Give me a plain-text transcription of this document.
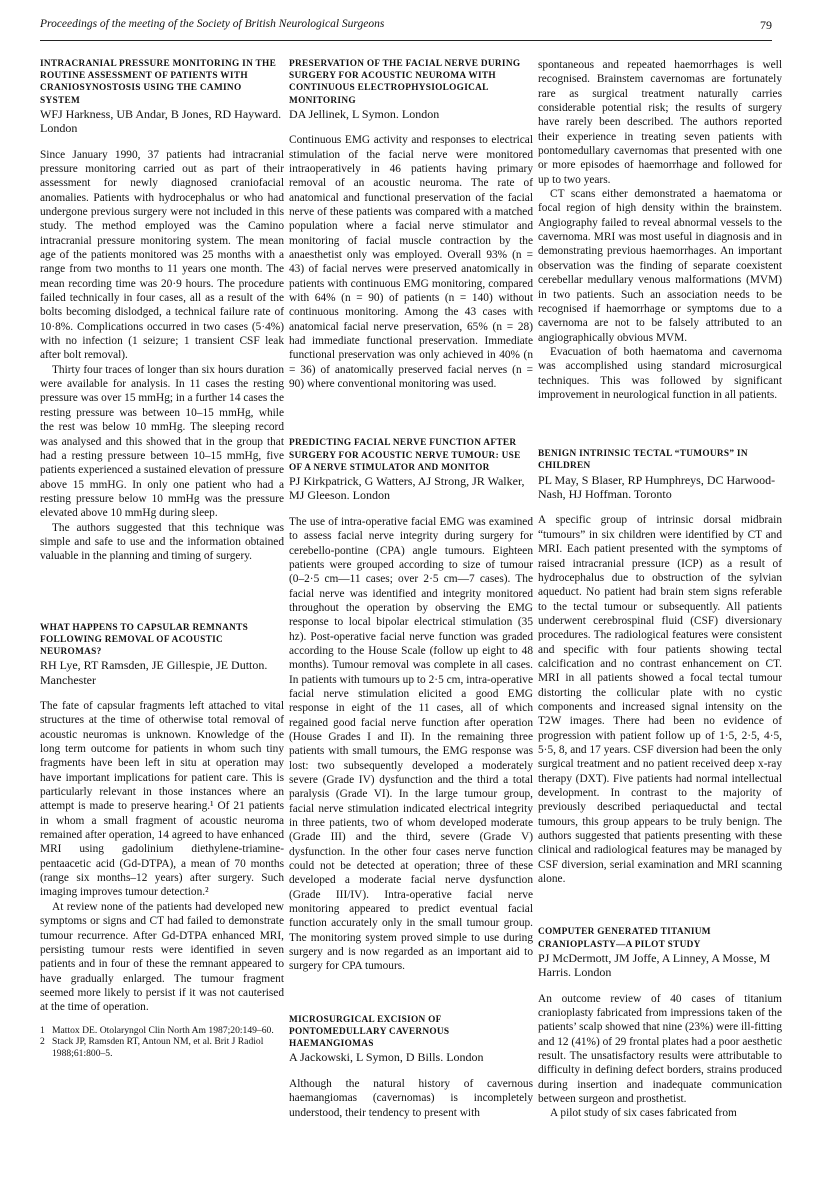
Proceedings of the meeting of the Society of British Neurological Surgeons	79
INTRACRANIAL PRESSURE MONITORING IN THE ROUTINE ASSESSMENT OF PATIENTS WITH CRANIOSYNOSTOSIS USING THE CAMINO SYSTEM

WFJ Harkness, UB Andar, B Jones, RD Hayward. London

Since January 1990, 37 patients had intracranial pressure monitoring carried out as part of their assessment for newly diagnosed craniofacial anomalies. Patients with hydrocephalus or who had undergone previous surgery were not included in this study. The method employed was the Camino intracranial pressure monitoring system. The mean age of the patients monitored was 25 months with a range from two months to 11 years one month. The mean recording time was 20·9 hours. The procedure failed technically in four cases, all as a result of the bolts becoming dislodged, a technical failure rate of 10·8%. Complications occurred in two cases (5·4%) with no infection (1 seizure; 1 transient CSF leak after bolt removal).

Thirty four traces of longer than six hours duration were available for analysis. In 11 cases the resting pressure was over 15 mmHg; in a further 14 cases the resting pressure was between 10–15 mmHg, while the rest was below 10 mmHg. The sleeping record was analysed and this showed that in the group that had a resting pressure between 10–15 mmHg, five patients experienced a sustained elevation of pressure above 15 mmHG. In only one patient who had a resting pressure below 10 mmHg was the pressure elevated above 10 mmHg during sleep.

The authors suggested that this technique was simple and safe to use and the information obtained valuable in the planning and timing of surgery.

WHAT HAPPENS TO CAPSULAR REMNANTS FOLLOWING REMOVAL OF ACOUSTIC NEUROMAS?

RH Lye, RT Ramsden, JE Gillespie, JE Dutton. Manchester

The fate of capsular fragments left attached to vital structures at the time of otherwise total removal of acoustic neuromas is unknown. Knowledge of the long term outcome for patients in whom such tiny fragments have been left in situ at operation may have important implications for patient care. This is particularly relevant in those instances where an attempt is made to preserve hearing.¹ Of 21 patients in whom a small fragment of acoustic neuroma remained after operation, 14 agreed to have enhanced MRI using gadolinium diethylene-triamine-pentaacetic acid (Gd-DTPA), a mean of 70 months (range six months–12 years) after surgery. Such imaging improves tumour detection.²

At review none of the patients had developed new symptoms or signs and CT had failed to demonstrate tumour recurrence. After Gd-DTPA enhanced MRI, persisting tumour rests were identified in seven patients and in four of these the remnant appeared to have gradually enlarged. The tumour fragment seemed more likely to persist if it was not cauterised at the time of operation.

1 Mattox DE. Otolaryngol Clin North Am 1987;20:149–60.
2 Stack JP, Ramsden RT, Antoun NM, et al. Brit J Radiol 1988;61:800–5.
PRESERVATION OF THE FACIAL NERVE DURING SURGERY FOR ACOUSTIC NEUROMA WITH CONTINUOUS ELECTROPHYSIOLOGICAL MONITORING

DA Jellinek, L Symon. London

Continuous EMG activity and responses to electrical stimulation of the facial nerve were monitored intraoperatively in 46 patients having primary removal of an acoustic neuroma. The rate of anatomical and functional preservation of the facial nerve of these patients was compared with a matched population where a facial nerve stimulator and monitoring of facial muscle contraction by the anaesthetist only was employed. Overall 93% (n = 43) of facial nerves were preserved anatomically in patients with continuous EMG monitoring, compared with 64% (n = 90) of patients (n = 140) without continuous monitoring. Among the 43 cases with anatomical facial nerve preservation, 65% (n = 28) had immediate functional preservation. Immediate functional preservation was only achieved in 40% (n = 36) of anatomically preserved facial nerves (n = 90) where conventional monitoring was used.

PREDICTING FACIAL NERVE FUNCTION AFTER SURGERY FOR ACOUSTIC NERVE TUMOUR: USE OF A NERVE STIMULATOR AND MONITOR

PJ Kirkpatrick, G Watters, AJ Strong, JR Walker, MJ Gleeson. London

The use of intra-operative facial EMG was examined to assess facial nerve integrity during surgery for cerebello-pontine (CPA) angle tumours. Eighteen patients were grouped according to size of tumour (0–2·5 cm—11 cases; over 2·5 cm—7 cases). The facial nerve was identified and integrity monitored throughout the operation by observing the EMG response to local bipolar electrical stimulation (35 hz). Post-operative facial nerve function was graded according to the House Scale (follow up eight to 48 months). Tumour removal was complete in all cases. In patients with tumours up to 2·5 cm, intra-operative facial nerve stimulation elicited a good EMG response in eight of the 11 cases, all of which regained good facial nerve function after operation (House Grades I and II). In the remaining three patients with small tumours, the EMG response was lost: two subsequently developed a moderately severe (Grade IV) dysfunction and the third a total paralysis (Grade VI). In the large tumour group, facial nerve stimulation indicated electrical integrity in three patients, two of whom developed moderate (Grade III) and the third, severe (Grade V) dysfunction. In the other four cases nerve function could not be detected at operation; three of these developed a moderate facial nerve dysfunction (Grade III/IV). Intra-operative facial nerve monitoring appeared to predict eventual facial function accurately only in the small tumour group. The monitoring system proved simple to use during surgery and is now regarded as an important aid to surgery for CPA tumours.

MICROSURGICAL EXCISION OF PONTOMEDULLARY CAVERNOUS HAEMANGIOMAS

A Jackowski, L Symon, D Bills. London

Although the natural history of cavernous haemangiomas (cavernomas) is incompletely understood, their tendency to present with

spontaneous and repeated haemorrhages is well recognised. Brainstem cavernomas are fortunately rare as surgical treatment naturally carries considerable potential risk; the results of surgery have rarely been described. The authors reported their experience in treating seven patients with pontomedullary cavernomas that presented with one or more episodes of haemorrhage and followed for up to two years.

CT scans either demonstrated a haematoma or focal region of high density within the brainstem. Angiography failed to reveal abnormal vessels to the cavernoma. MRI was most useful in diagnosis and in demonstrating previous haemorrhages. An important observation was the finding of separate coexistent cerebellar medullary venous malformations (MVM) in two patients. Such an association needs to be recognised if haemorrhage or symptoms due to a cavernoma are not to be falsely attributed to an angiographically obvious MVM.

Evacuation of both haematoma and cavernoma was accomplished using standard microsurgical techniques. This was followed by significant improvement in neurological function in all patients.

BENIGN INTRINSIC TECTAL “TUMOURS” IN CHILDREN

PL May, S Blaser, RP Humphreys, DC Harwood-Nash, HJ Hoffman. Toronto

A specific group of intrinsic dorsal midbrain “tumours” in six children were identified by CT and MRI. Each patient presented with the symptoms of raised intracranial pressure (ICP) as a result of hydrocephalus due to obstruction of the sylvian aqueduct. No patient had brain stem signs referable to the tectal tumour or subsequently. All patients underwent cerebrospinal fluid (CSF) diversionary procedures. The radiological features were consistent and specific with four patients showing tectal calcification and no contrast enhancement on CT. MRI in all patients showed a focal tectal tumour distorting the collicular plate with no cystic components and increased signal intensity on the T2W images. There had been no evidence of progression with patient follow up of 1·5, 2·5, 4·5, 5·5, 8, and 17 years. CSF diversion had been the only surgical treatment and no patient received deep x-ray therapy (DXT). Five patients had normal intellectual development. In contrast to the majority of previously described periaqueductal and tectal tumours, this group appears to be truly benign. The authors suggested that patients presenting with these clinical and radiological features may be managed by CSF diversion, serial examination and MRI scanning alone.

COMPUTER GENERATED TITANIUM CRANIOPLASTY—A PILOT STUDY

PJ McDermott, JM Joffe, A Linney, A Mosse, M Harris. London

An outcome review of 40 cases of titanium cranioplasty fabricated from impressions taken of the patients’ scalp showed that nine (23%) were ill-fitting and 12 (41%) of 29 frontal plates had a poor aesthetic result. The unsatisfactory results were attributable to difficulty in defining defect borders, strains produced during insertion and inadequate communication between surgeon and prosthetist.

A pilot study of six cases fabricated from
